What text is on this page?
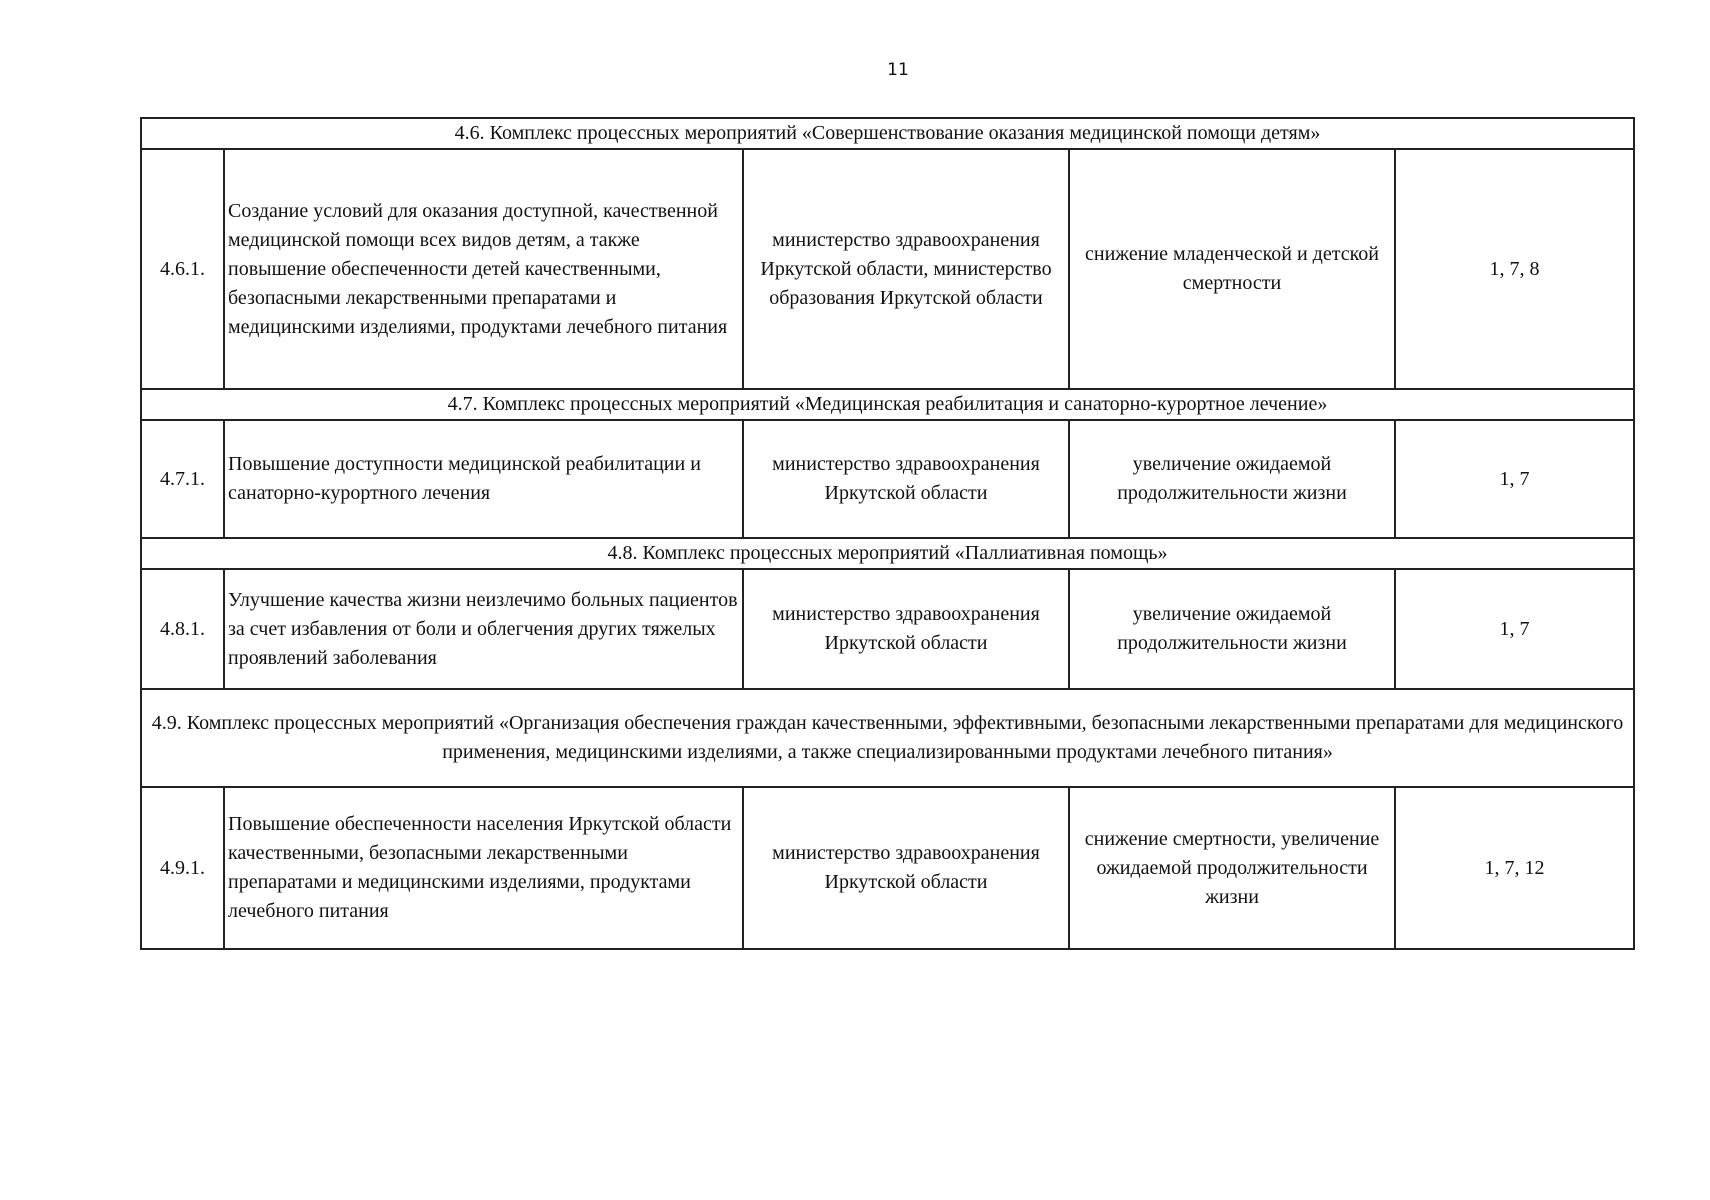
11
4.6. Комплекс процессных мероприятий «Совершенствование оказания медицинской помощи детям»				
4.6.1.	Создание условий для оказания доступной, качественной медицинской помощи всех видов детям, а также повышение обеспеченности детей качественными, безопасными лекарственными препаратами и медицинскими изделиями, продуктами лечебного питания	министерство здравоохранения Иркутской области, министерство образования Иркутской области	снижение младенческой и детской смертности	1, 7, 8
4.7. Комплекс процессных мероприятий «Медицинская реабилитация и санаторно-курортное лечение»				
4.7.1.	Повышение доступности медицинской реабилитации и санаторно-курортного лечения	министерство здравоохранения Иркутской области	увеличение ожидаемой продолжительности жизни	1, 7
4.8. Комплекс процессных мероприятий «Паллиативная помощь»				
4.8.1.	Улучшение качества жизни неизлечимо больных пациентов за счет избавления от боли и облегчения других тяжелых проявлений заболевания	министерство здравоохранения Иркутской области	увеличение ожидаемой продолжительности жизни	1, 7
4.9. Комплекс процессных мероприятий «Организация обеспечения граждан качественными, эффективными, безопасными лекарственными препаратами для медицинского применения, медицинскими изделиями, а также специализированными продуктами лечебного питания»				
4.9.1.	Повышение обеспеченности населения Иркутской области качественными, безопасными лекарственными препаратами и медицинскими изделиями, продуктами лечебного питания	министерство здравоохранения Иркутской области	снижение смертности, увеличение ожидаемой продолжительности жизни	1, 7, 12
